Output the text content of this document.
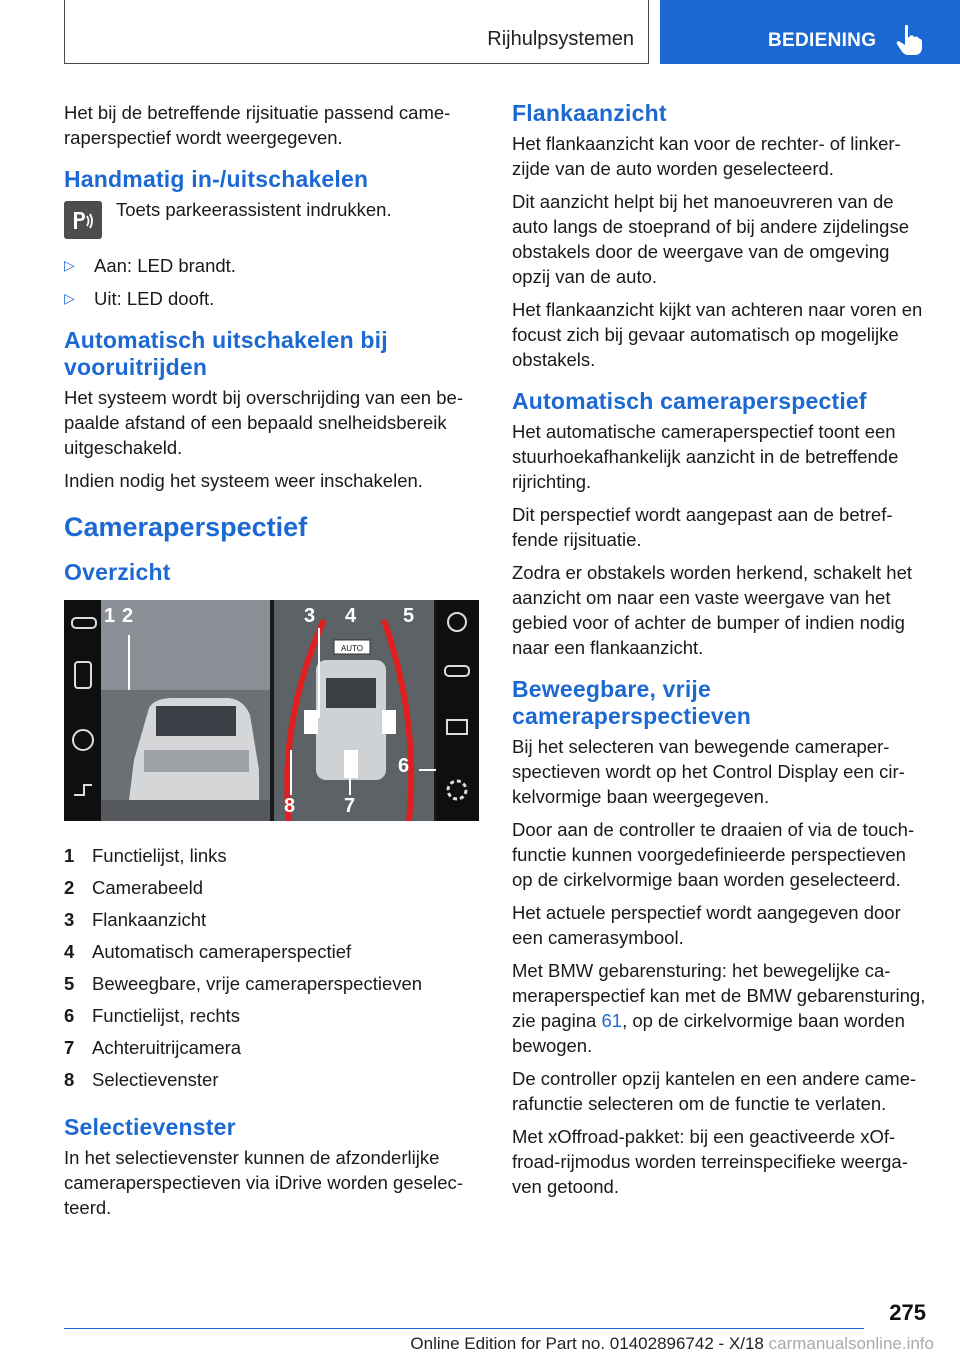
Rijhulpsystemen	BEDIENING

Het bij de betreffende rijsituatie passend cameraperspectief wordt weergegeven.

Handmatig in-/uitschakelen
Toets parkeerassistent indrukken.
▷ Aan: LED brandt.
▷ Uit: LED dooft.
Automatisch uitschakelen bij vooruitrijden

Het systeem wordt bij overschrijding van een bepaalde afstand of een bepaald snelheidsbereik uitgeschakeld.

Indien nodig het systeem weer inschakelen.

Cameraperspectief
Overzicht
AUTO
1 2	3 4 5
6
7
8
1 Functielijst, links
2 Camerabeeld
3 Flankaanzicht
4 Automatisch cameraperspectief
5 Beweegbare, vrije cameraperspectieven
6 Functielijst, rechts
7 Achteruitrijcamera
8 Selectievenster
Selectievenster

In het selectievenster kunnen de afzonderlijke cameraperspectieven via iDrive worden geselecteerd.

Flankaanzicht

Het flankaanzicht kan voor de rechter- of linkerzijde van de auto worden geselecteerd.

Dit aanzicht helpt bij het manoeuvreren van de auto langs de stoeprand of bij andere zijdelingse obstakels door de weergave van de omgeving opzij van de auto.

Het flankaanzicht kijkt van achteren naar voren en focust zich bij gevaar automatisch op mogelijke obstakels.

Automatisch cameraperspectief

Het automatische cameraperspectief toont een stuurhoekafhankelijk aanzicht in de betreffende rijrichting.

Dit perspectief wordt aangepast aan de betreffende rijsituatie.

Zodra er obstakels worden herkend, schakelt het aanzicht om naar een vaste weergave van het gebied voor of achter de bumper of indien nodig naar een flankaanzicht.

Beweegbare, vrije cameraperspectieven

Bij het selecteren van bewegende cameraperspectieven wordt op het Control Display een cirkelvormige baan weergegeven.

Door aan de controller te draaien of via de touchfunctie kunnen voorgedefinieerde perspectieven op de cirkelvormige baan worden geselecteerd.

Het actuele perspectief wordt aangegeven door een camerasymbool.

Met BMW gebarensturing: het bewegelijke cameraperspectief kan met de BMW gebarensturing, zie pagina 61, op de cirkelvormige baan worden bewogen.

De controller opzij kantelen en een andere camerafunctie selecteren om de functie te verlaten.

Met xOffroad-pakket: bij een geactiveerde xOffroad-rijmodus worden terreinspecifieke weergaven getoond.

275
Online Edition for Part no. 01402896742 - X/18 carmanualsonline.info
